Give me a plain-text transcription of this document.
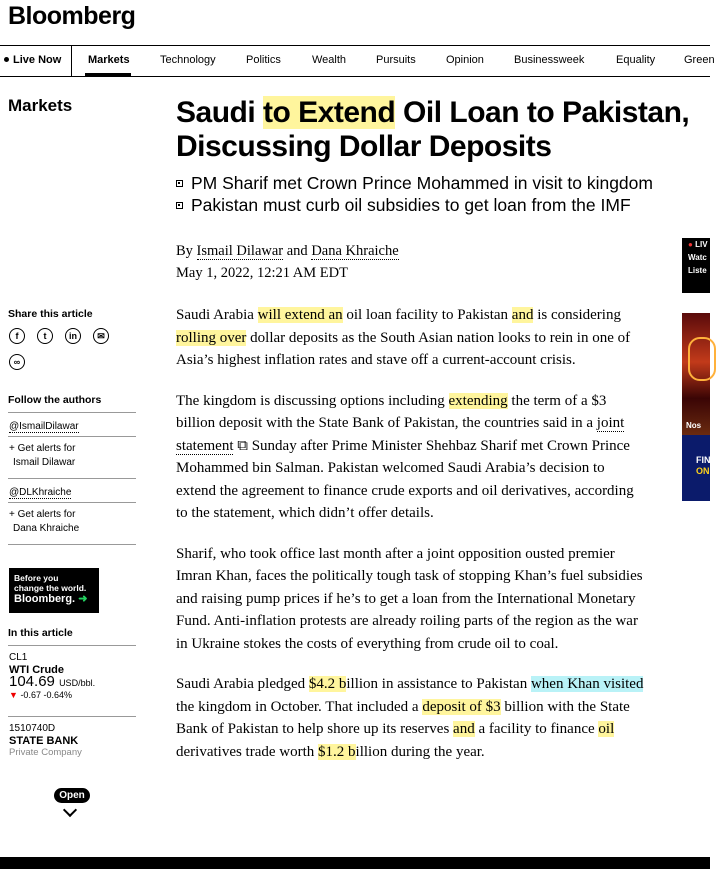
Bloomberg
Live Now Markets	Technology	Politics	Wealth	Pursuits	Opinion	Businessweek	Equality	Green
Markets	Saudi to Extend Oil Loan to Pakistan,
Discussing Dollar Deposits
PM Sharif met Crown Prince Mohammed in visit to kingdom
Pakistan must curb oil subsidies to get loan from the IMF
By Ismail Dilawar and Dana Khraiche
May 1, 2022, 12:21 AM EDT

Saudi Arabia will extend an oil loan facility to Pakistan and is considering rolling over dollar deposits as the South Asian nation looks to rein in one of Asia’s highest inflation rates and stave off a current-account crisis.

The kingdom is discussing options including extending the term of a $3 billion deposit with the State Bank of Pakistan, the countries said in a joint statement ⧉ Sunday after Prime Minister Shehbaz Sharif met Crown Prince Mohammed bin Salman. Pakistan welcomed Saudi Arabia’s decision to extend the agreement to finance crude exports and oil derivatives, according to the statement, which didn’t offer details.

Sharif, who took office last month after a joint opposition ousted premier Imran Khan, faces the politically tough task of stopping Khan’s fuel subsidies and raising pump prices if he’s to get a loan from the International Monetary Fund. Anti-inflation protests are already roiling parts of the region as the war in Ukraine stokes the costs of everything from crude oil to coal.

Saudi Arabia pledged $4.2 billion in assistance to Pakistan when Khan visited the kingdom in October. That included a deposit of $3 billion with the State Bank of Pakistan to help shore up its reserves and a facility to finance oil derivatives trade worth $1.2 billion during the year.

Share this article
f	t	in	✉
∞
Follow the authors
@IsmailDilawar
+ Get alerts for
Ismail Dilawar
@DLKhraiche
+ Get alerts for
Dana Khraiche
Before you
change the world.
Bloomberg. ➜
In this article
CL1
WTI Crude
104.69 USD/bbl.
▼ -0.67 -0.64%
1510740D
STATE BANK
Private Company
Open
● LIV
Watc
Liste
Nos
FIN
ON
